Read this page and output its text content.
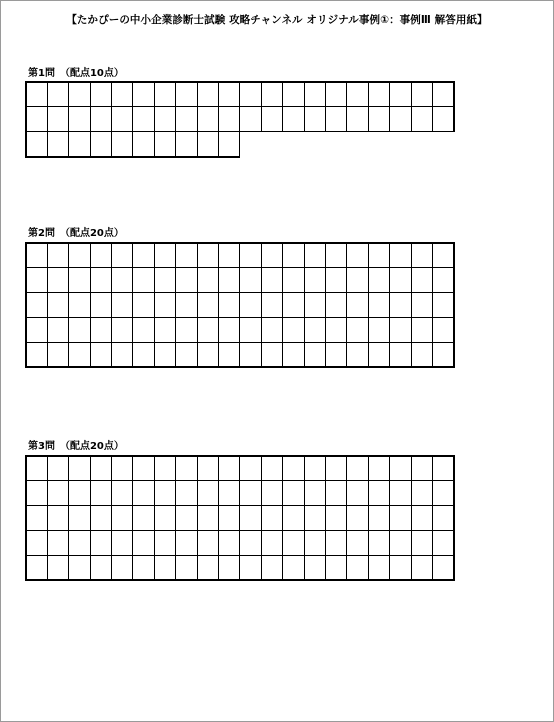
【たかぴーの中小企業診断士試験 攻略チャンネル オリジナル事例①：事例Ⅲ 解答用紙】
第1問　（配点10点）

第2問　（配点20点）

第3問　（配点20点）
